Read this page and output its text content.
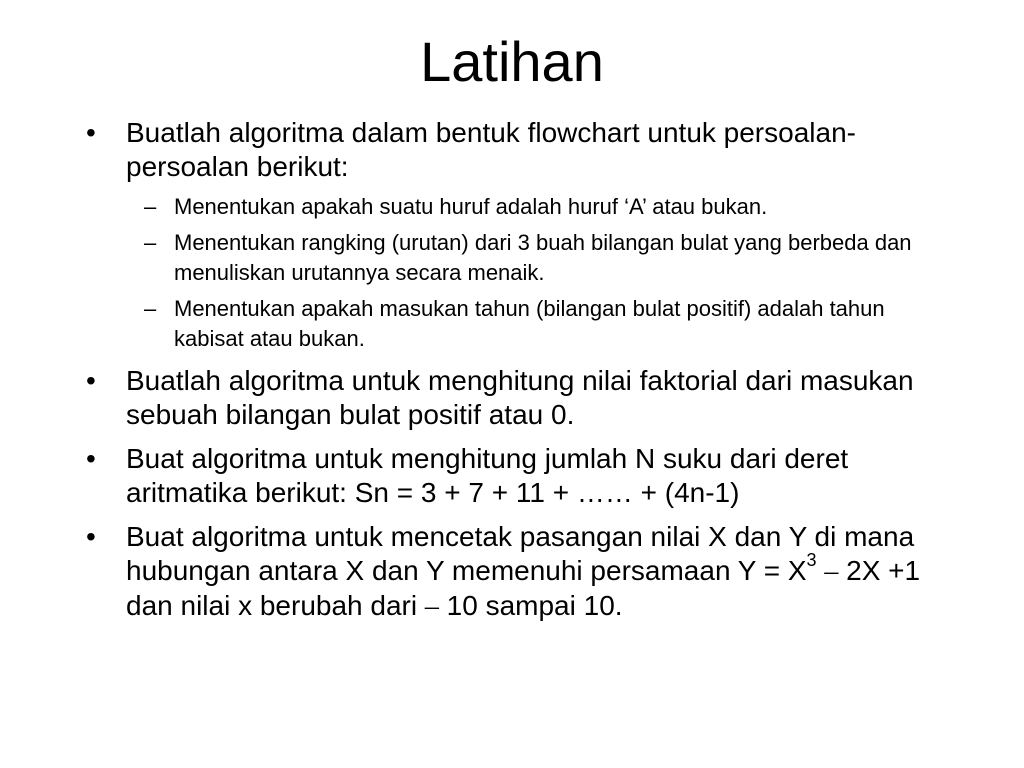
Latihan
•	Buatlah algoritma dalam bentuk flowchart untuk persoalan-persoalan berikut:
– Menentukan apakah suatu huruf adalah huruf ‘A’ atau bukan.
– Menentukan rangking (urutan) dari 3 buah bilangan bulat yang berbeda dan menuliskan urutannya secara menaik.
– Menentukan apakah masukan tahun (bilangan bulat positif) adalah tahun kabisat atau bukan.
•	Buatlah algoritma untuk menghitung nilai faktorial dari masukan sebuah bilangan bulat positif atau 0.
•	Buat algoritma untuk menghitung jumlah N suku dari deret aritmatika berikut: Sn = 3 + 7 + 11 + …… + (4n-1)
•	Buat algoritma untuk mencetak pasangan nilai X dan Y di mana hubungan antara X dan Y memenuhi persamaan $Y = X^3 - 2X +1$ dan nilai x berubah dari – 10 sampai 10.
